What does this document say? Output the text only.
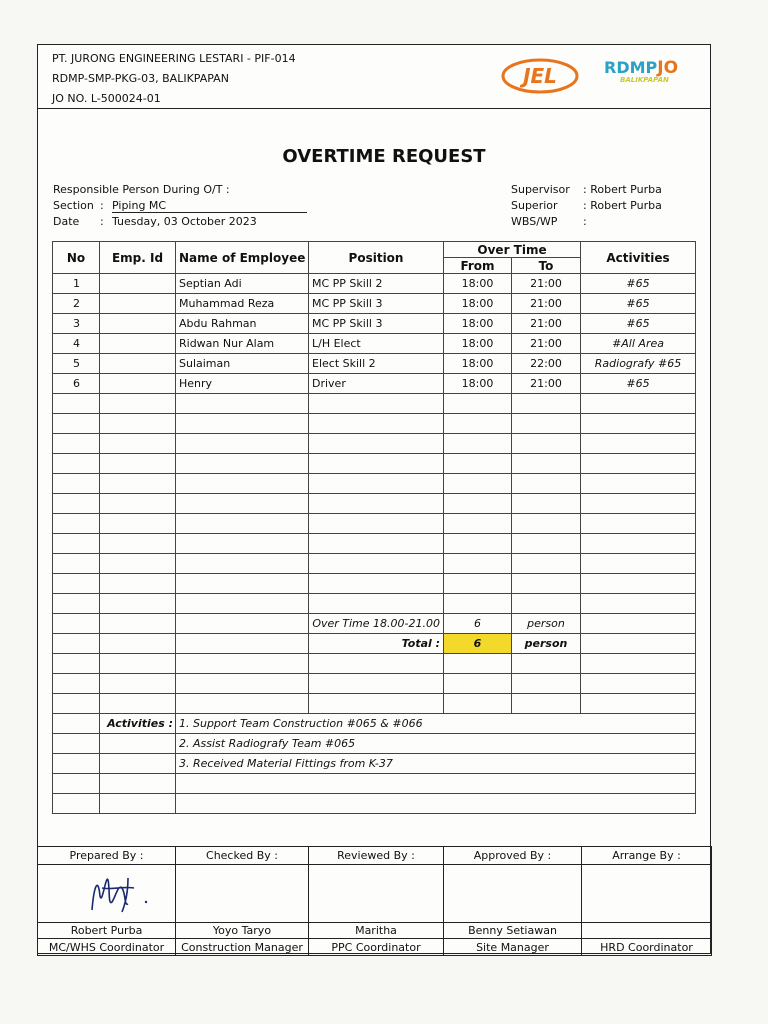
PT. JURONG ENGINEERING LESTARI - PIF-014
RDMP-SMP-PKG-03, BALIKPAPAN
JO NO. L-500024-01
JEL	RDMPJO
BALIKPAPAN
OVERTIME REQUEST
Responsible Person During O/T :
Section : Piping MC
Date : Tuesday, 03 October 2023
Supervisor : Robert Purba
Superior : Robert Purba
WBS/WP :
No	Emp. Id	Name of Employee	Position	Over Time		Activities
				From	To	
1		Septian Adi	MC PP Skill 2	18:00	21:00	#65
2		Muhammad Reza	MC PP Skill 3	18:00	21:00	#65
3		Abdu Rahman	MC PP Skill 3	18:00	21:00	#65
4		Ridwan Nur Alam	L/H Elect	18:00	21:00	#All Area
5		Sulaiman	Elect Skill 2	18:00	22:00	Radiografy #65
6		Henry	Driver	18:00	21:00	#65

			Over Time 18.00-21.00	6	person	
			Total :	6	person	

	Activities :	1. Support Team Construction #065 & #066				
		2. Assist Radiografy Team #065				
		3. Received Material Fittings from K-37				

Prepared By :	Checked By :	Reviewed By :	Approved By :	Arrange By :

Robert Purba	Yoyo Taryo	Maritha	Benny Setiawan	
MC/WHS Coordinator	Construction Manager	PPC Coordinator	Site Manager	HRD Coordinator
